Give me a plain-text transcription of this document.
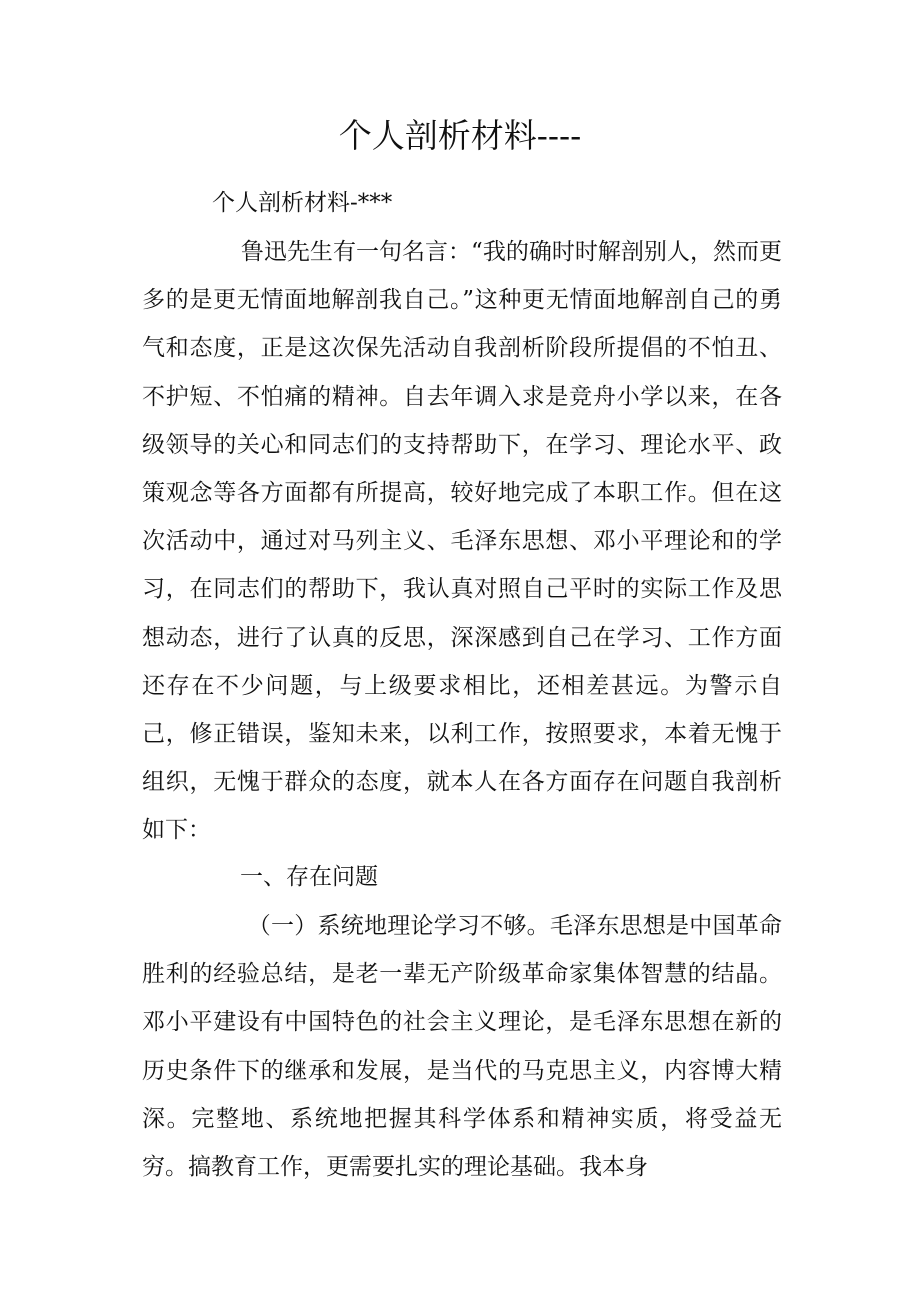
个人剖析材料----

个人剖析材料-***

鲁迅先生有一句名言：“我的确时时解剖别人，然而更多的是更无情面地解剖我自己。”这种更无情面地解剖自己的勇气和态度，正是这次保先活动自我剖析阶段所提倡的不怕丑、不护短、不怕痛的精神。自去年调入求是竞舟小学以来，在各级领导的关心和同志们的支持帮助下，在学习、理论水平、政策观念等各方面都有所提高，较好地完成了本职工作。但在这次活动中，通过对马列主义、毛泽东思想、邓小平理论和的学习，在同志们的帮助下，我认真对照自己平时的实际工作及思想动态，进行了认真的反思，深深感到自己在学习、工作方面还存在不少问题，与上级要求相比，还相差甚远。为警示自己，修正错误，鉴知未来，以利工作，按照要求，本着无愧于组织，无愧于群众的态度，就本人在各方面存在问题自我剖析如下：

一、存在问题

（一）系统地理论学习不够。毛泽东思想是中国革命胜利的经验总结，是老一辈无产阶级革命家集体智慧的结晶。邓小平建设有中国特色的社会主义理论，是毛泽东思想在新的历史条件下的继承和发展，是当代的马克思主义，内容博大精深。完整地、系统地把握其科学体系和精神实质，将受益无穷。搞教育工作，更需要扎实的理论基础。我本身
